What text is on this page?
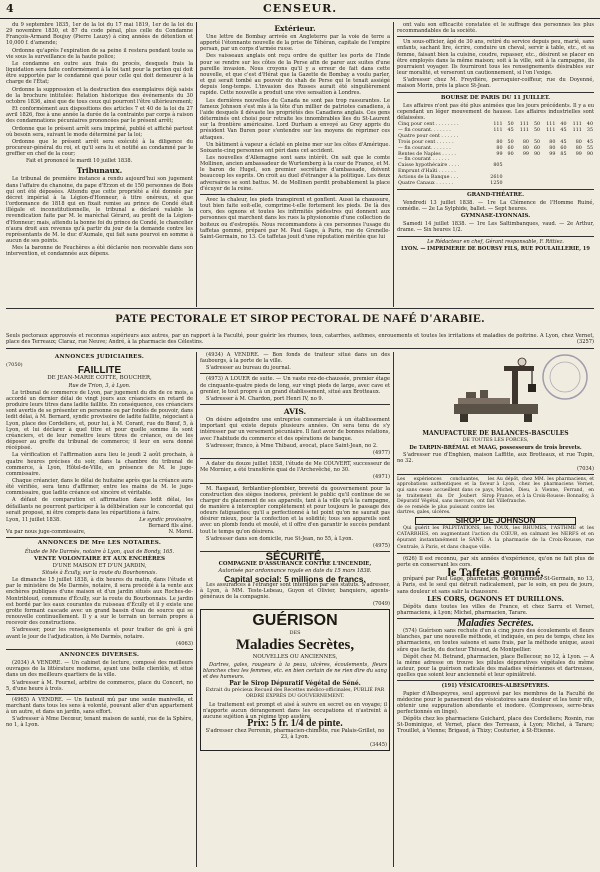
4	CENSEUR.

du 9 septembre 1835, 1er de la loi du 17 mai 1819, 1er de la loi du 29 novembre 1830, et 87 du code pénal, plus celle du Condamne François-Armand Boujuy (Pierre Lauzy) à cinq années de détention et 10,000 f. d'amende;

Ordonne qu'après l'expiration de sa peine il restera pendant toute sa vie sous la surveillance de la haute police;

Le condamne en outre aux frais du procès, desquels frais la liquidation sera faite conformément à la loi tant pour la portion qui doit être supportée par le condamné que pour celle qui doit demeurer à la charge de l'État;

Ordonne la suppression et la destruction des exemplaires déjà saisis de la brochure intitulée: Relation historique des événements du 30 octobre 1836, ainsi que de tous ceux qui pourront l'être ultérieurement;

Et conformément aux dispositions des articles 7 et 40 de la loi du 27 avril 1826, fixe à une année la durée de la contrainte par corps à raison des condamnations pécuniaires prononcées par le présent arrêt;

Ordonne que le présent arrêt sera imprimé, publié et affiché partout où besoin sera, suivant le mode déterminé par la loi;

Ordonne que le présent arrêt sera exécuté à la diligence du procureur-général du roi, et qu'il sera lu et notifié au condamné par le greffier en chef de la cour;

Fait et prononcé le mardi 10 juillet 1838.

Tribunaux.

Le tribunal de première instance a rendu aujourd'hui son jugement dans l'affaire du chanoine, du pape d'Erzon et de 150 personnes de Bois qui ont été déposées. Attendu que cette propriété a été donnée par décret impérial à la Légion-d'Honneur, à titre onéreux, et que l'ordonnance de 1818 qui en fixait remise au prince de Condé était illégale et inconstitutionnelle, le tribunal a déclaré valable la revendication faite par M. le maréchal Gérard, au profit de la Légion-d'Honneur; mais, attendu la bonne foi du prince de Condé, le chancelier n'aura droit aux revenus qu'à partir du jour de la demande contre les représentants de M. le duc d'Aumale, qui fait sans pourvoi en somme à aucun de ses points.

Mes la baronne de Feuchères a été déclarée non recevable dans son intervention, et condamnée aux dépens.

Extérieur.

Une lettre de Bombay arrivée en Angleterre par la voie de terre a apporté l'étonnante nouvelle de la prise de Téhéran, capitale de l'empire persan, par un corps d'armée russe.

Des vaisseaux anglais ont reçu ordre de quitter les ports de l'Inde pour se rendre sur les côtes de la Perse afin de parer aux suites d'une pareille invasion. Nous croyons qu'il y a erreur de fait dans cette nouvelle, et que c'est d'Hérat que la Gazette de Bombay a voulu parler, et qui serait tombé au pouvoir du shah de Perse qui le tenait assiégé depuis long-temps. L'invasion des Russes aurait été singulièrement rapide. Cette nouvelle a produit une vive sensation à Londres.

Les dernières nouvelles du Canada ne sont pas trop rassurantes. Le fameux Johnson s'est mis à la tête d'un millier de patriotes canadiens, à l'aide desquels il dévaste les propriétés des Canadiens anglais. Ces gens déterminés ont choisi pour retraite les innombrables îles du St-Laurent sur la frontière américaine. Lord Durham a envoyé au Grey appris du président Van Buren pour s'entendre sur les moyens de réprimer ces attaques.

Un bâtiment à vapeur a éclaté en pleine mer sur les côtes d'Amérique. Soixante-cinq personnes ont péri dans cet accident.

Les nouvelles d'Allemagne sont sans intérêt. On sait que le comte Mollinen, ancien ambassadeur de Wurtemberg à la cour de France, et M. le baron de Hugel, son premier secrétaire d'ambassade, doivent beaucoup les esprits. On croit au duel d'étranger à la politique. Les deux adversaires se sont battus. M. de Mollinen perdit probablement la place d'écuyer de la reine.

Avec la chaleur, les pieds transpirent et gonflent. Aussi la chaussure, tout bien faite soit-elle, comprime-t-elle fortement les pieds. De là des cors, des ognons et toutes les infirmités pédestres qui donnent aux personnes qui marchent dans les rues la physionomie d'une collection de boiteux ou d'estropiés. Nous recommandons à ces personnes l'usage du taffetas gommé, préparé par M. Paul Gage, à Paris, rue de Grenelle-Saint-Germain, no 13. Ce taffetas jouit d'une réputation méritée que lui

ont valu son efficacité constatée et le suffrage des personnes les plus recommandables de la société.

Un sous-officier, âgé de 30 ans, retiré du service depuis peu, marié, sans enfants, sachant lire, écrire, conduire un cheval, servir à table, etc., et sa femme, faisant bien la cuisine, coudre, repasser, etc., désirent se placer en être employés dans la même maison; soit à la ville, soit à la campagne, ils pourraient voyager. Ils fourniront tous les renseignements désirables sur leur moralité, et verseront un cautionnement, si l'on l'exige.

S'adresser chez M. Freydière, perruquier-coiffeur, rue du Doyenné, maison Morin, près la place St-Jean.

BOURSE DE PARIS DU 11 JUILLET.

Les affaires n'ont pas été plus animées que les jours précédents. Il y a eu cependant un léger mouvement de hausse. Les affaires industrielles sont délaissées.

Cinq pour cent . . . . . . . .	111	50	111	50	111	40	111	40
— fin courant. . . . . . .	111	45	111	50	111	45	111	35
Quatre pour cent . . . . . .								
Trois pour cent . . . . . .	80	50	80	50	80	45	80	45
— fin courant. . . . . . .	80	60	80	60	80	60	80	55
Rentes de Naples . . . . .	99	90	99	90	99	85	99	90
— fin courant . . . . . .								
Caisse hypothécaire . . . .	805							
Emprunt d'Haïti . . . . . .								
Actions de la Banque . . .	2610							
Quatre Canaux . . . . . .	1250							
GRAND-THÉATRE.

Vendredi 13 juillet 1838. — 1re La Clémence de l'Homme Ruiné, comédie. — 2e La Sylphide, ballet. — Sept heures.

GYMNASE-LYONNAIS.

Samedi 14 juillet 1838. — 1re Les Saltimbanques, vaud. — 2e Arthur, drame. — Six heures 1/2.

Le Rédacteur en chef, Gérant responsable, F. Rittiez.
LYON. — IMPRIMERIE DE BOURSY FILS, RUE POULAILLERIE, 19
PATE PECTORALE ET SIROP PECTORAL DE NAFÉ D'ARABIE.
Seuls pectoraux approuvés et reconnus supérieurs aux autres, par un rapport à la Faculté, pour guérir les rhumes, toux, catarrhes, asthmes, enrouements et toutes les irritations et maladies de poitrine. A Lyon, chez Vernet, place des Terreaux; Claraz, rue Neuve; André, à la pharmacie des Célestins.	(3257)
ANNONCES JUDICIAIRES.
(7050)
FAILLITE
DE JEAN-MARIE COTTE, BOUCHER,
Rue de Trion, 3, à Lyon.

Le tribunal de commerce de Lyon, par jugement du dix de ce mois, a accordé un dernier délai de vingt jours aux créanciers en retard de produire leurs titres dans ladite faillite. En conséquence, ces créanciers sont avertis de se présenter en personne ou par fondés de pouvoir, dans ledit délai, à M. Bernard, syndic provisoire de ladite faillite, négociant à Lyon, place des Cordeliers, et, pour lui, à M. Corant, rue du Bœuf, 5, à Lyon, et lui déclarer à quel titre et pour quelle somme ils sont créanciers, et de leur remettre leurs titres de créance, ou de les déposer au greffe du tribunal de commerce; il leur en sera donné récépissé.

La vérification et l'affirmation aura lieu le jeudi 2 août prochain, à quatre heures précises du soir, dans la chambre du tribunal de commerce, à Lyon, Hôtel-de-Ville, en présence de M. le juge-commissaire.

Chaque créancier, dans le délai de huitaine après que la créance aura été vérifiée, sera tenu d'affirmer, entre les mains de M. le juge-commissaire, que ladite créance est sincère et véritable.

A défaut de comparution et affirmation dans ledit délai, les défaillants ne pourront participer à la délibération sur le concordat qui serait proposé, ni être compris dans les répartitions à faire.

Lyon, 11 juillet 1838.	Le syndic provisoire,
Bernard fils aîné.
Vu par nous juge-commissaire,	N. Morel.
ANNONCES DE Mre LES NOTAIRES.
Étude de Me Darmès, notaire à Lyon, quai de Bondy, 165.
VENTE VOLONTAIRE ET AUX ENCHÈRES
D'UNE MAISON ET D'UN JARDIN,
Situés à Écully, sur la route du Bourbonnais.

Le dimanche 15 juillet 1838, à dix heures du matin, dans l'étude et par le ministère de Me Darmès, notaire, il sera procédé à la vente aux enchères publiques d'une maison et d'un jardin situés aux Roches-de-Montribloud, commune d'Écully, sur la route du Bourbonnais. Le jardin est bordé par les eaux courantes du ruisseau d'Écully et il y existe une grotte formant cascade avec un grand bassin d'eau de source qui se renouvelle continuellement. Il y a sur le terrain un terrain propre à recevoir des constructions.

S'adresser, pour les renseignements et pour traiter de gré à gré avant le jour de l'adjudication, à Me Darmès, notaire.

(4063)
ANNONCES DIVERSES.

(2034) A VENDRE. — Un cabinet de lecture, composé des meilleurs ouvrages de la littérature moderne, ayant une belle clientèle, et situé dans un des meilleurs quartiers de la ville.

S'adresser à M. Fournel, arbitre de commerce, place du Concert, no 5, d'une heure à trois.

(4965) A VENDRE. — Un fauteuil mû par une seule manivelle, et marchant dans tous les sens à volonté, pouvant aller d'un appartement à un autre, et dans un jardin, sans effort.

S'adresser à Mme Decœur, tenant maison de santé, rue de la Sphère, no 1, à Lyon.

(4934) A VENDRE. — Bon fonds de traiteur situé dans un des faubourgs, à la porte de la ville.

S'adresser au bureau du journal.

(4973) A LOUER de suite. — Un vaste rez-de-chaussée, premier étage de cinquante-quatre pieds de long, sur vingt pieds de large, avec cave et grenier, le tout propre à un grand établissement, situé aux Brotteaux.

S'adresser à M. Chardon, port Henri IV, no 9.

AVIS.

On désire adjoindre une entreprise commerciale à un établissement important qui existe depuis plusieurs années. On sera tenu de s'y intéresser par un versement pécuniaire. Il faut avoir de bonnes relations, avec l'habitude du commerce et des opérations de banque.

S'adresser, franco, à Mme Thibaud, avocat, place Saint-Jean, no 2.

(4977)

A dater du douze juillet 1838, l'étude de Me COUVERT, successeur de Me Mornier, a été transférée quai de l'Archevêché, no 30.

(4971)

M. Raspaud, ferblantier-plombier, breveté du gouvernement pour la construction des sièges inodores, prévient le public qu'il continue de se charger du placement de ses appareils, tant à la ville qu'à la campagne, de manière à intercepter complètement et pour toujours le passage des odeurs fatiguantes; qu'il a perfectionné à tel point qu'on ne saurait pas désirer mieux, pour la confection et la solidité; tous ses appareils sont avec un plomb fondu et moulé, et il offre d'en garantir le succès pendant tout le temps qu'on désirera.

S'adresser dans son domicile, rue St-Jean, no 55, à Lyon.

(4975)
SÉCURITÉ,
COMPAGNIE D'ASSURANCE CONTRE L'INCENDIE,
Autorisée par ordonnance royale en date du 15 mars 1838.
Capital social: 5 millions de francs.

Les assurances à l'étranger sont interdites par ses statuts. S'adresser, à Lyon, à MM. Teste-Lebeau, Guyon et Olivier, banquiers, agents-généraux de la compagnie.

(7049)
GUÉRISON
DES
Maladies Secrètes,
NOUVELLES OU ANCIENNES,

Dartres, gales, rougeurs à la peau, ulcères, écoulements, fleurs blanches chez les femmes, etc. en bien certain de ne rien dire du sang et des humeurs.

Par le Sirop Dépuratif Végétal de Séné.
Extrait du précieux Recueil des Recettes médico-officinales, PUBLIÉ PAR ORDRE EXPRÈS DU GOUVERNEMENT.

Le traitement est prompt et aisé à suivre en secret ou en voyage; il n'apporte aucun dérangement dans les occupations et n'astreint à aucune sujétion à un régime trop austère.

Prix: 5 fr. 1/4 de pinte.
S'adresser chez Perrenin, pharmacien-chimiste, rue Palais-Grillet, no 23, à Lyon.
(3445)
MANUFACTURE DE BALANCES-BASCULES
DE TOUTES LES FORCES,
De TARPIN-BRÉMAL et MAAG, possesseurs de trois brevets.

S'adresser rue d'Enghien, maison Laffitte, aux Brotteaux, et rue Tupin, no 32.

(7034)
Les expériences concluantes, les approbations authentiques et la faveur qui sans cesse accueillent dans ce pays, le traitement du Dr Joubert Sirop Dépuratif Végétal, sans mercure, ont fait de ce remède le plus puissant contre les dartres, gales, ulcères.
Au dépôt, chez MM. les pharmaciens, et à Lyon, chez les pharmaciens Vernet, Michel, Dieu, à Vienne, Ferrand, en France, et à la Croix-Rousse: Bonnafoy, à Villefranche.
SIROP DE JOHNSON

Qui guérit les PALPITATIONS, les TOUX, les RHUMES, l'ASTHME et les CATARRHES, en augmentant l'action du CŒUR, en calmant les NERFS et en épurant instantanément le SANG. A la pharmacie de la Croix-Rousse, rue Centrale, à Paris, et dans chaque ville.

(626) Il est reconnu, par six années d'expérience, qu'on ne fait plus de perte en conservant les cors.

le Taffetas gommé,

préparé par Paul Gage, pharmacien, rue de Grenelle-St-Germain, no 13, à Paris, est le seul qui détruit radicalement, par le soin, en peu de jours, sans douleur et sans salir la chaussure.

LES CORS, OGNONS ET DURILLONS.

Dépôts dans toutes les villes de France, et chez Sarru et Vernet, pharmaciens, à Lyon; Michel, pharmacien, Tarare.

Maladies Secrètes.

(574) Guérison sans rechute d'un à cinq jours des écoulements et fleurs blanches, par une nouvelle méthode, et indiquée, en peu de temps, chez les pharmaciens, en toutes saisons et sans frais, par la méthode unique, aussi sûre que facile, du docteur Thivand, de Montpellier.

Dépôt chez M. Betrand, pharmacien, place Bellecour, no 12, à Lyon. — A la même adresse on trouve les pilules dépuratives végétales du même auteur, pour la guérison radicale des maladies vénériennes et dartreuses, quelles que soient leur ancienneté et leur opiniâtreté.

(191) VÉSICATOIRES-ALBESPEYRES.

Papier d'Albespeyres, seul approuvé par les membres de la Faculté de médecine pour le pansement des vésicatoires sans douleur et les tenir vifs, obtenir une suppuration abondante et inodore. (Compresses, serre-bras perfectionnés en linge).

Dépôts chez les pharmaciens Guichard, place des Cordeliers; Rosnin, rue St-Dominique, et Vernet, place des Terreaux, à Lyon; Michel, à Tarare; Trouillet, à Vienne; Brigaud, à Thizy; Couturier, à St-Étienne.
